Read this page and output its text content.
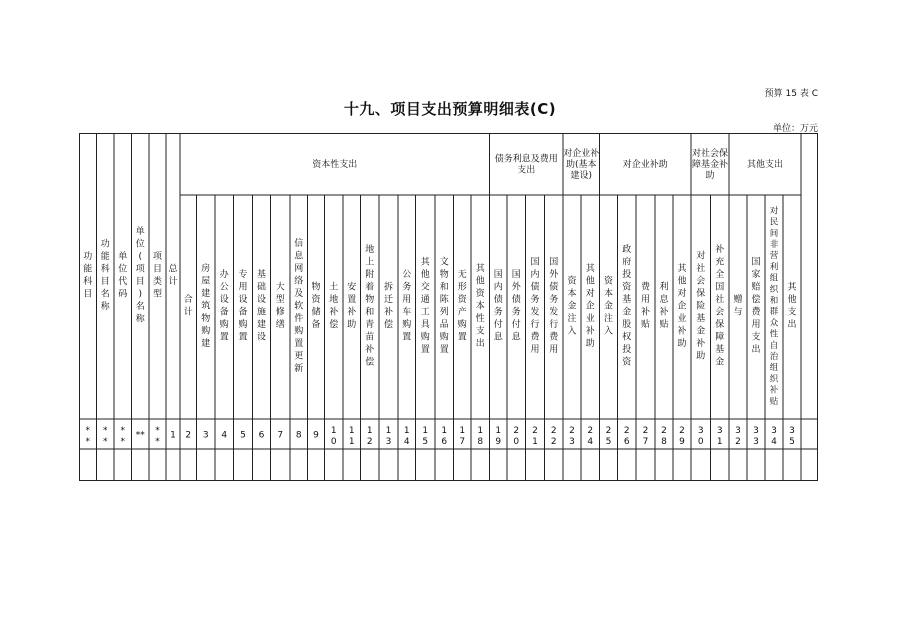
预算 15 表 C
十九、项目支出预算明细表(C)
单位：万元
功
能
科
目
功
能
科
目
名
称
单
位
代
码
单
位
(
项
目
)
名
称
项
目
类
型
总
计
合
计
房
屋
建
筑
物
购
建
办
公
设
备
购
置
专
用
设
备
购
置
基
础
设
施
建
设
大
型
修
缮
信
息
网
络
及
软
件
购
置
更
新
物
资
储
备
土
地
补
偿
安
置
补
助
地
上
附
着
物
和
青
苗
补
偿
拆
迁
补
偿
公
务
用
车
购
置
其
他
交
通
工
具
购
置
文
物
和
陈
列
品
购
置
无
形
资
产
购
置
其
他
资
本
性
支
出
国
内
债
务
付
息
国
外
债
务
付
息
国
内
债
务
发
行
费
用
国
外
债
务
发
行
费
用
资
本
金
注
入
其
他
对
企
业
补
助
资
本
金
注
入
政
府
投
资
基
金
股
权
投
资
费
用
补
贴
利
息
补
贴
其
他
对
企
业
补
助
对
社
会
保
险
基
金
补
助
补
充
全
国
社
会
保
障
基
金
赠
与
国
家
赔
偿
费
用
支
出
对
民
间
非
营
利
组
织
和
群
众
性
自
治
组
织
补
贴
其
他
支
出
资本性支出
债务利息及费用
支出
对企业补
助(基本
建设)
对企业补助
对社会保
障基金补
助
其他支出
*
*
*
*
*
*
** *
*
1 2 3 4 5 6 7 8 9 1
0
1
1
1
2
1
3
1
4
1
5
1
6
1
7
1
8
1
9
2
0
2
1
2
2
2
3
2
4
2
5
2
6
2
7
2
8
2
9
3
0
3
1
3
2
3
3
3
4
3
5
